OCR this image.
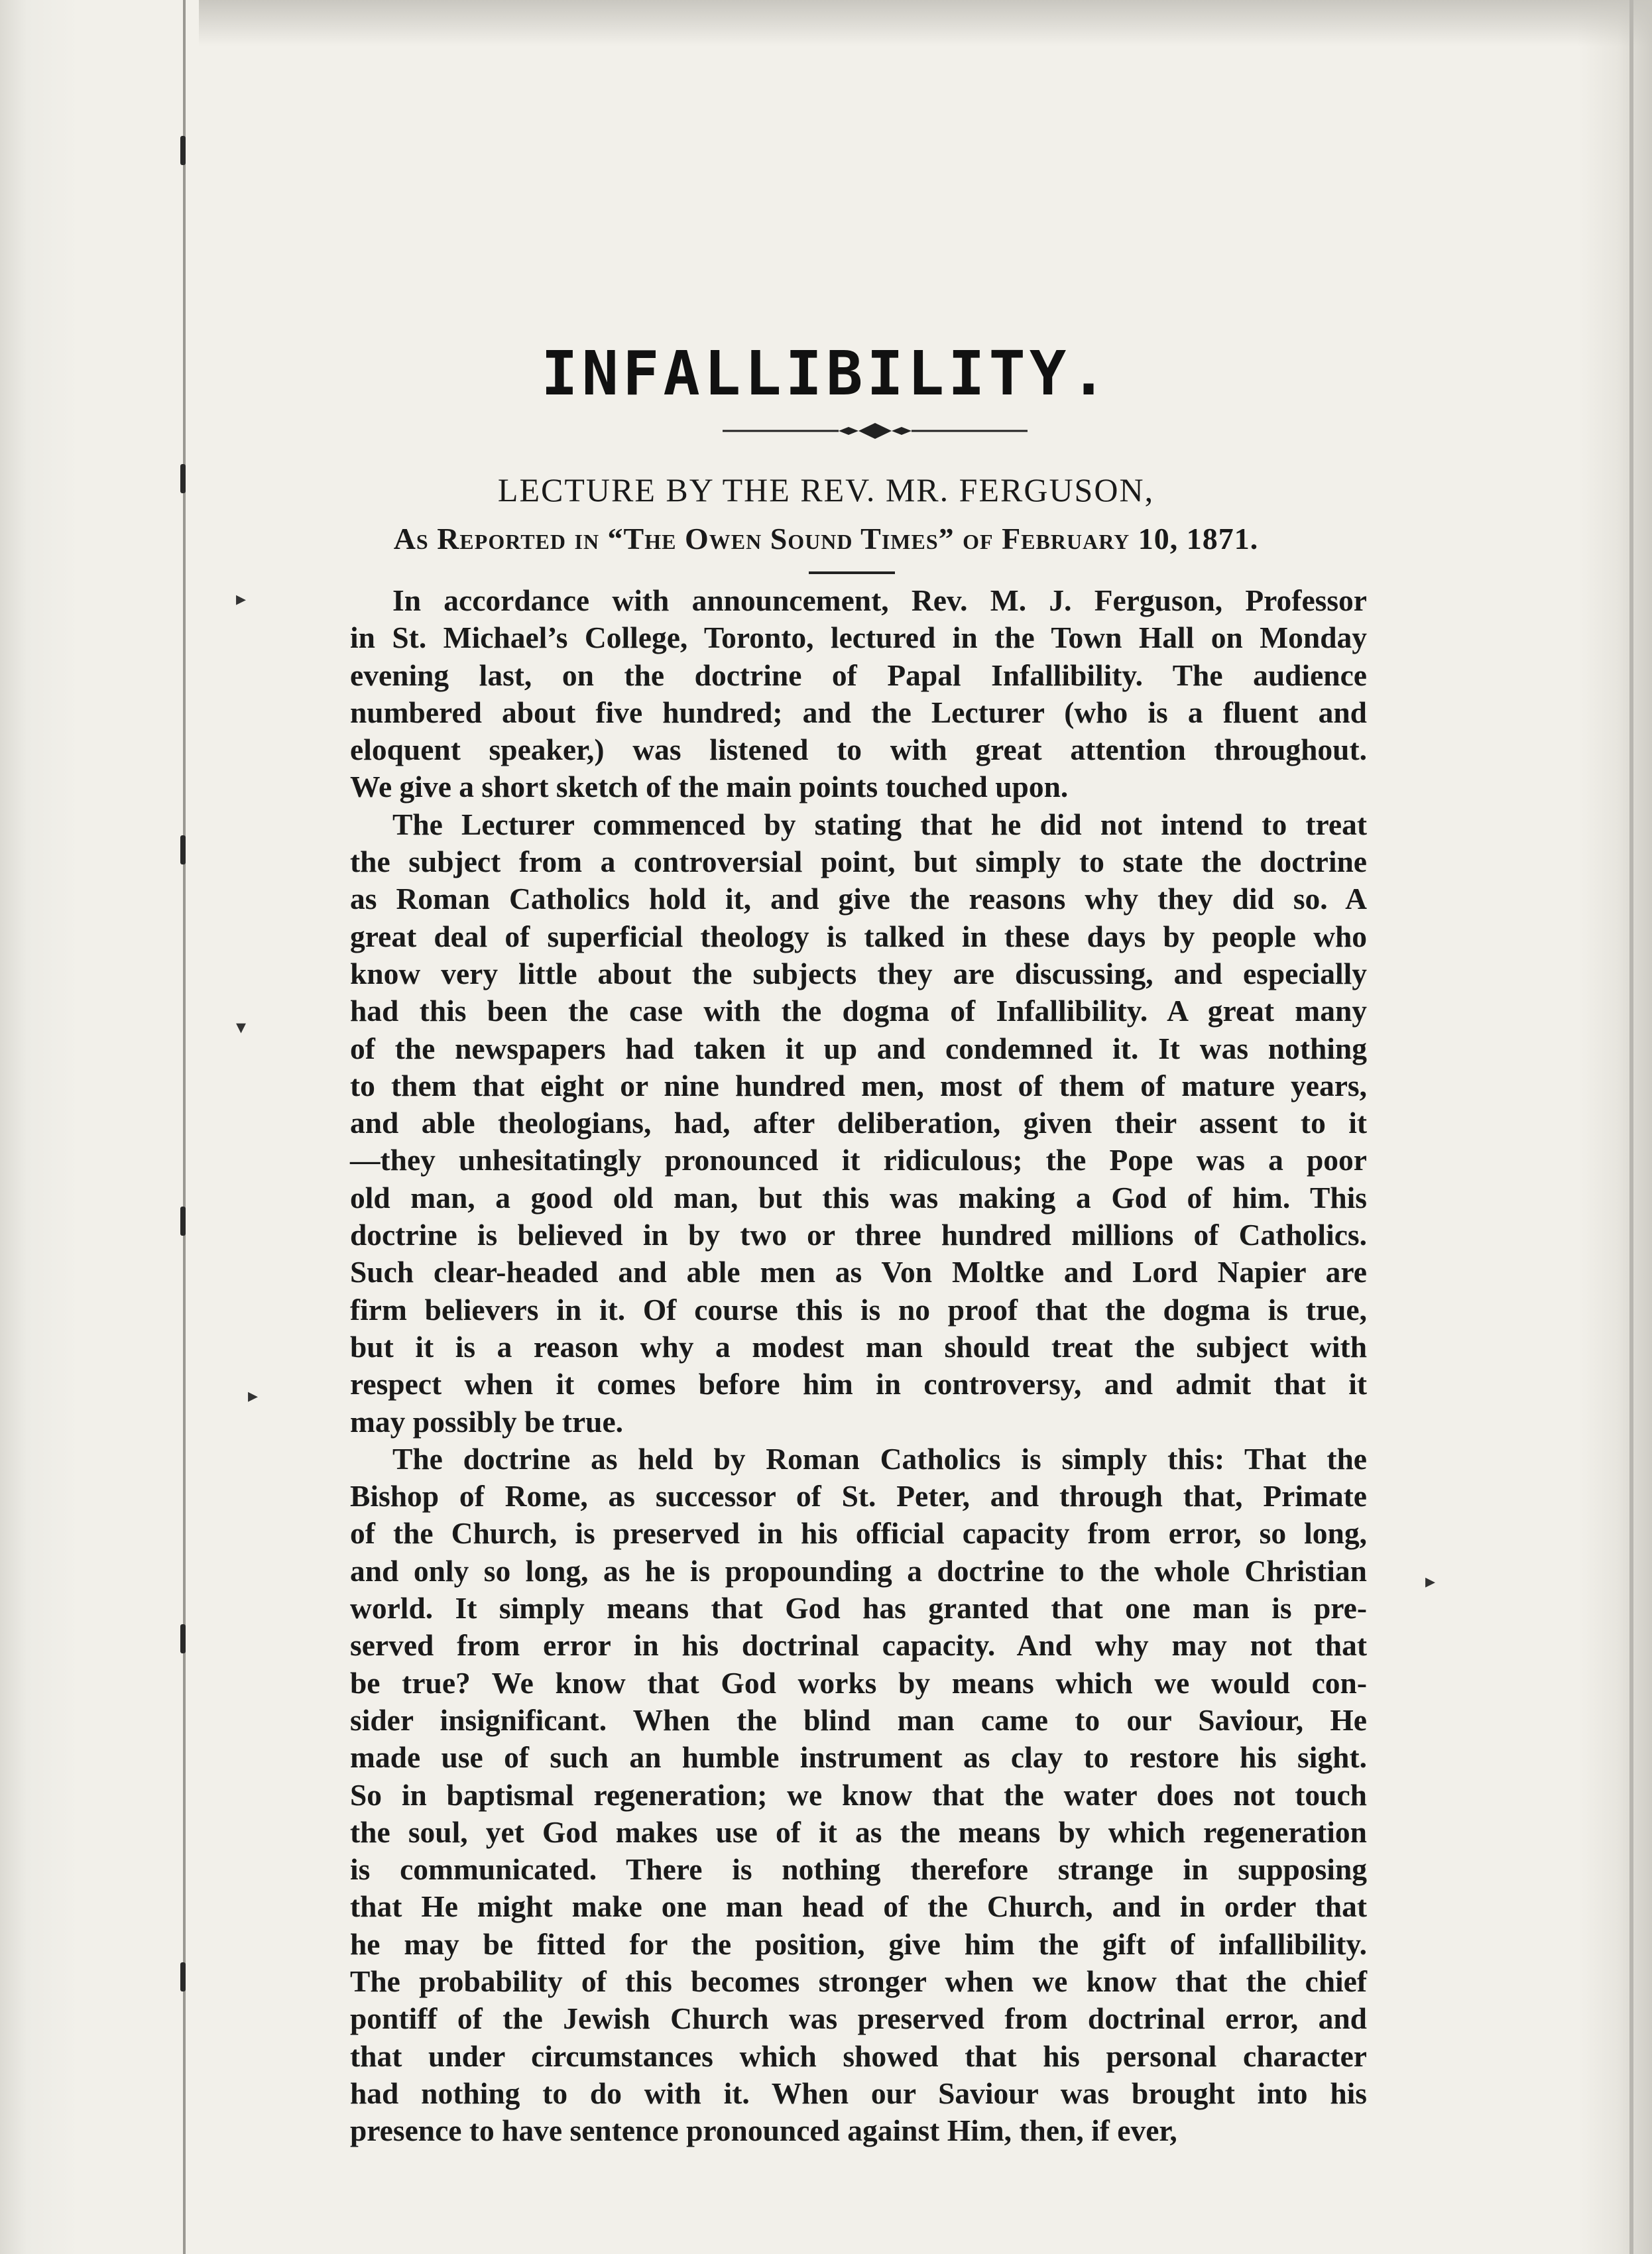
▸
▾
▸
▸
INFALLIBILITY.
LECTURE BY THE REV. MR. FERGUSON,
As Reported in “The Owen Sound Times” of February 10, 1871.
In accordance with announcement, Rev. M. J. Ferguson, Professor
in St. Michael’s College, Toronto, lectured in the Town Hall on Monday
evening last, on the doctrine of Papal Infallibility. The audience
numbered about five hundred; and the Lecturer (who is a fluent and
eloquent speaker,) was listened to with great attention throughout.
We give a short sketch of the main points touched upon.
The Lecturer commenced by stating that he did not intend to treat
the subject from a controversial point, but simply to state the doctrine
as Roman Catholics hold it, and give the reasons why they did so. A
great deal of superficial theology is talked in these days by people who
know very little about the subjects they are discussing, and especially
had this been the case with the dogma of Infallibility. A great many
of the newspapers had taken it up and condemned it. It was nothing
to them that eight or nine hundred men, most of them of mature years,
and able theologians, had, after deliberation, given their assent to it
—they unhesitatingly pronounced it ridiculous; the Pope was a poor
old man, a good old man, but this was making a God of him. This
doctrine is believed in by two or three hundred millions of Catholics.
Such clear-headed and able men as Von Moltke and Lord Napier are
firm believers in it. Of course this is no proof that the dogma is true,
but it is a reason why a modest man should treat the subject with
respect when it comes before him in controversy, and admit that it
may possibly be true.
The doctrine as held by Roman Catholics is simply this: That the
Bishop of Rome, as successor of St. Peter, and through that, Primate
of the Church, is preserved in his official capacity from error, so long,
and only so long, as he is propounding a doctrine to the whole Christian
world. It simply means that God has granted that one man is pre-
served from error in his doctrinal capacity. And why may not that
be true? We know that God works by means which we would con-
sider insignificant. When the blind man came to our Saviour, He
made use of such an humble instrument as clay to restore his sight.
So in baptismal regeneration; we know that the water does not touch
the soul, yet God makes use of it as the means by which regeneration
is communicated. There is nothing therefore strange in supposing
that He might make one man head of the Church, and in order that
he may be fitted for the position, give him the gift of infallibility.
The probability of this becomes stronger when we know that the chief
pontiff of the Jewish Church was preserved from doctrinal error, and
that under circumstances which showed that his personal character
had nothing to do with it. When our Saviour was brought into his
presence to have sentence pronounced against Him, then, if ever,
